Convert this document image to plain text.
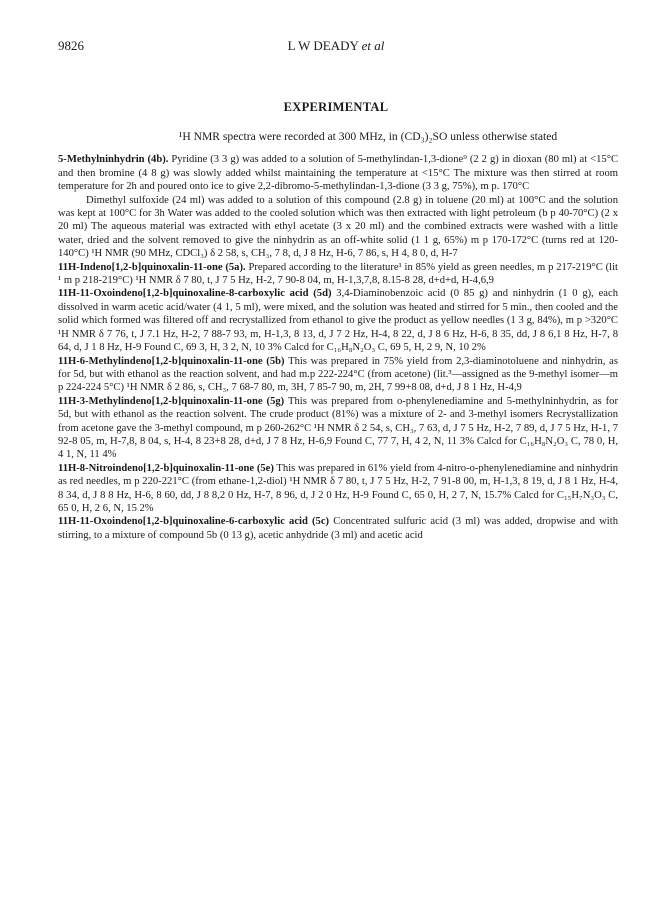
9826	L W DEADY et al
EXPERIMENTAL

¹H NMR spectra were recorded at 300 MHz, in (CD₃)₂SO unless otherwise stated

5-Methylninhydrin (4b). Pyridine (3 3 g) was added to a solution of 5-methylindan-1,3-dione⁹ (2 2 g) in dioxan (80 ml) at <15°C and then bromine (4 8 g) was slowly added whilst maintaining the temperature at <15°C The mixture was then stirred at room temperature for 2h and poured onto ice to give 2,2-dibromo-5-methylindan-1,3-dione (3 3 g, 75%), m p. 170°C

Dimethyl sulfoxide (24 ml) was added to a solution of this compound (2.8 g) in toluene (20 ml) at 100°C and the solution was kept at 100°C for 3h Water was added to the cooled solution which was then extracted with light petroleum (b p 40-70°C) (2 x 20 ml) The aqueous material was extracted with ethyl acetate (3 x 20 ml) and the combined extracts were washed with a little water, dried and the solvent removed to give the ninhydrin as an off-white solid (1 1 g, 65%) m p 170-172°C (turns red at 120-140°C) ¹H NMR (90 MHz, CDCl₃) δ 2 58, s, CH₃, 7 8, d, J 8 Hz, H-6, 7 86, s, H 4, 8 0, d, H-7

11H-Indeno[1,2-b]quinoxalin-11-one (5a). Prepared according to the literature¹ in 85% yield as green needles, m p 217-219°C (lit ¹ m p 218-219°C) ¹H NMR δ 7 80, t, J 7 5 Hz, H-2, 7 90-8 04, m, H-1,3,7,8, 8.15-8 28, d+d+d, H-4,6,9

11H-11-Oxoindeno[1,2-b]quinoxaline-8-carboxylic acid (5d) 3,4-Diaminobenzoic acid (0 85 g) and ninhydrin (1 0 g), each dissolved in warm acetic acid/water (4 1, 5 ml), were mixed, and the solution was heated and stirred for 5 min., then cooled and the solid which formed was filtered off and recrystallized from ethanol to give the product as yellow needles (1 3 g, 84%), m p >320°C ¹H NMR δ 7 76, t, J 7.1 Hz, H-2, 7 88-7 93, m, H-1,3, 8 13, d, J 7 2 Hz, H-4, 8 22, d, J 8 6 Hz, H-6, 8 35, dd, J 8 6,1 8 Hz, H-7, 8 64, d, J 1 8 Hz, H-9 Found C, 69 3, H, 3 2, N, 10 3% Calcd for C₁₆H₈N₂O₃ C, 69 5, H, 2 9, N, 10 2%

11H-6-Methylindeno[1,2-b]quinoxalin-11-one (5b) This was prepared in 75% yield from 2,3-diaminotoluene and ninhydrin, as for 5d, but with ethanol as the reaction solvent, and had m.p 222-224°C (from acetone) (lit.³—assigned as the 9-methyl isomer—m p 224-224 5°C) ¹H NMR δ 2 86, s, CH₃, 7 68-7 80, m, 3H, 7 85-7 90, m, 2H, 7 99+8 08, d+d, J 8 1 Hz, H-4,9

11H-3-Methylindeno[1,2-b]quinoxalin-11-one (5g) This was prepared from o-phenylenediamine and 5-methylninhydrin, as for 5d, but with ethanol as the reaction solvent. The crude product (81%) was a mixture of 2- and 3-methyl isomers Recrystallization from acetone gave the 3-methyl compound, m p 260-262°C ¹H NMR δ 2 54, s, CH₃, 7 63, d, J 7 5 Hz, H-2, 7 89, d, J 7 5 Hz, H-1, 7 92-8 05, m, H-7,8, 8 04, s, H-4, 8 23+8 28, d+d, J 7 8 Hz, H-6,9 Found C, 77 7, H, 4 2, N, 11 3% Calcd for C₁₆H₈N₂O₃ C, 78 0, H, 4 1, N, 11 4%

11H-8-Nitroindeno[1,2-b]quinoxalin-11-one (5e) This was prepared in 61% yield from 4-nitro-o-phenylenediamine and ninhydrin as red needles, m p 220-221°C (from ethane-1,2-diol) ¹H NMR δ 7 80, t, J 7 5 Hz, H-2, 7 91-8 00, m, H-1,3, 8 19, d, J 8 1 Hz, H-4, 8 34, d, J 8 8 Hz, H-6, 8 60, dd, J 8 8,2 0 Hz, H-7, 8 96, d, J 2 0 Hz, H-9 Found C, 65 0, H, 2 7, N, 15.7% Calcd for C₁₅H₇N₃O₃ C, 65 0, H, 2 6, N, 15 2%

11H-11-Oxoindeno[1,2-b]quinoxaline-6-carboxylic acid (5c) Concentrated sulfuric acid (3 ml) was added, dropwise and with stirring, to a mixture of compound 5b (0 13 g), acetic anhydride (3 ml) and acetic acid
